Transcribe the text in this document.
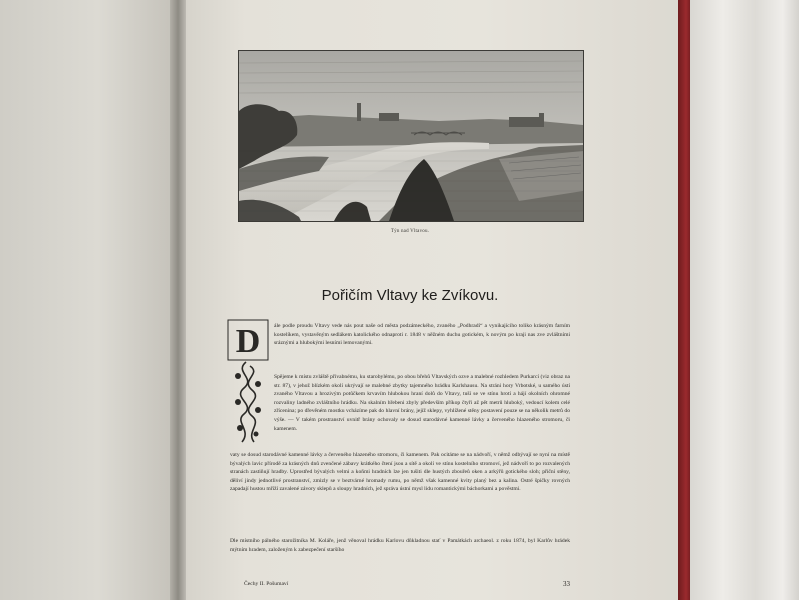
Týn nad Vltavou.
Pořičím Vltavy ke Zvíkovu.
D ále podle proudu Vltavy vede nás pout naše od města podzámeckého, zvaného „Podhradí“ a vynikajícího toliko krásným farním kostelíkem, vystavěným sedlákem katolického odnaproti r. 1848 v něžném duchu gotickém, k novým po kraji nas zve zvláštními sráznými a hlubokými lesními lemovanými.

Spějeme k místu zvláště přívabnému, ku starobylému, po obou břehů Vltavských ozve a malebné rozhledem Purkarcí (viz obraz na str. 87), v jehož blízkém okolí ukrývají se malebné zbytky tajemného hrádku Karlshausu. Na stráni hory Vrbotské, u samého ústí zvaného Vltavou a hrozivým potůčkem krvavím hlubokou hraní dolů do Vltavy, tuší se ve stínu hrotí a hájí okolních ohromné rozvaliny ladného zvláštního hrádku. Na skalním hřebeni zbyly především příkop čtyři až pět metrů hluboký, vedoucí kolem celé zřícenina; po dřevěném mostku vcházíme pak do hlavní brány, jejíž sklepy, vyhlížené stěny postavení pouze se na několik metrů do výše. — V takém prostranství uvnitř brány ochovaly se dosud starodávné kamenné lávky a červeného hlazeného stromoru, či kamenem.

vaty se dosud starodávné kamenné lávky a červeného hlazeného stromoru, či kamenem. Pak ocitáme se na nádvoří, v němž odbývají se nyní na místě bývalých lavic přírodě za krásných dnů zvenčené zábavy krátkého čtení jsou a sítě a okolí ve stínu kostelního stromoví, jež nádvoří to po rozvalených stranách zastiňují hradby. Uprostřed bývalých velmi a koňmi hradních lze jen tušiti dle hustých zbouřeů oken a arkýřů gotického sloh; přiční stěny, děliví jindy jednotlivé prostranství, zmizly se v beztvárné hromady rumu, po němž však kamenné kvity planý bez a kalina. Ostré špičky rovných zapadají hustou mříží zavalené závory sklepů a sloupy hradních, jež správa ústní mysl lidu romantickými báchorkami a pověstmi.

Dle místního pálného starožitníka M. Koláře, jenž věnoval hrádku Karlovu důkladnou stať v Památkách archaeol. z roku 1874, byl Karlův hrádek mýtním hradem, založeným k zabezpečení staršího

Čechy II. Pošumaví	33
